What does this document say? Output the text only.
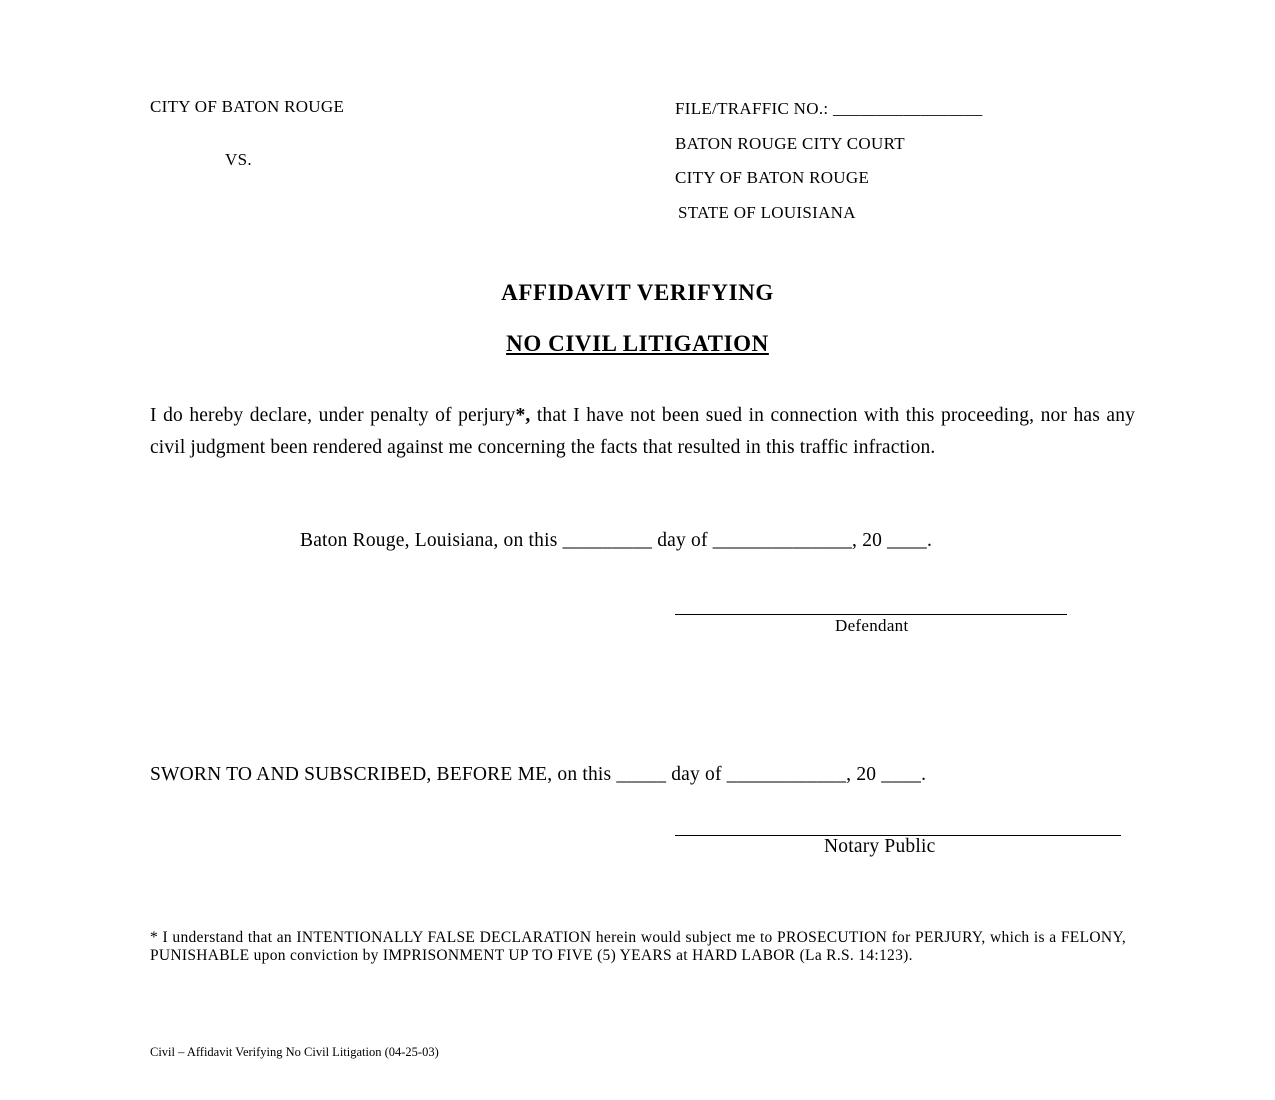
CITY OF BATON ROUGE
VS.
FILE/TRAFFIC NO.: _________________
BATON ROUGE CITY COURT
CITY OF BATON ROUGE
STATE OF LOUISIANA
AFFIDAVIT VERIFYING
NO CIVIL LITIGATION
I do hereby declare, under penalty of perjury*, that I have not been sued in connection with this proceeding, nor has any civil judgment been rendered against me concerning the facts that resulted in this traffic infraction.
Baton Rouge, Louisiana, on this _________ day of ______________, 20 ____.
Defendant
SWORN TO AND SUBSCRIBED, BEFORE ME, on this _____ day of ____________, 20 ____.
Notary Public
* I understand that an INTENTIONALLY FALSE DECLARATION herein would subject me to PROSECUTION for PERJURY, which is a FELONY, PUNISHABLE upon conviction by IMPRISONMENT UP TO FIVE (5) YEARS at HARD LABOR (La R.S. 14:123).
Civil – Affidavit Verifying No Civil Litigation (04-25-03)
